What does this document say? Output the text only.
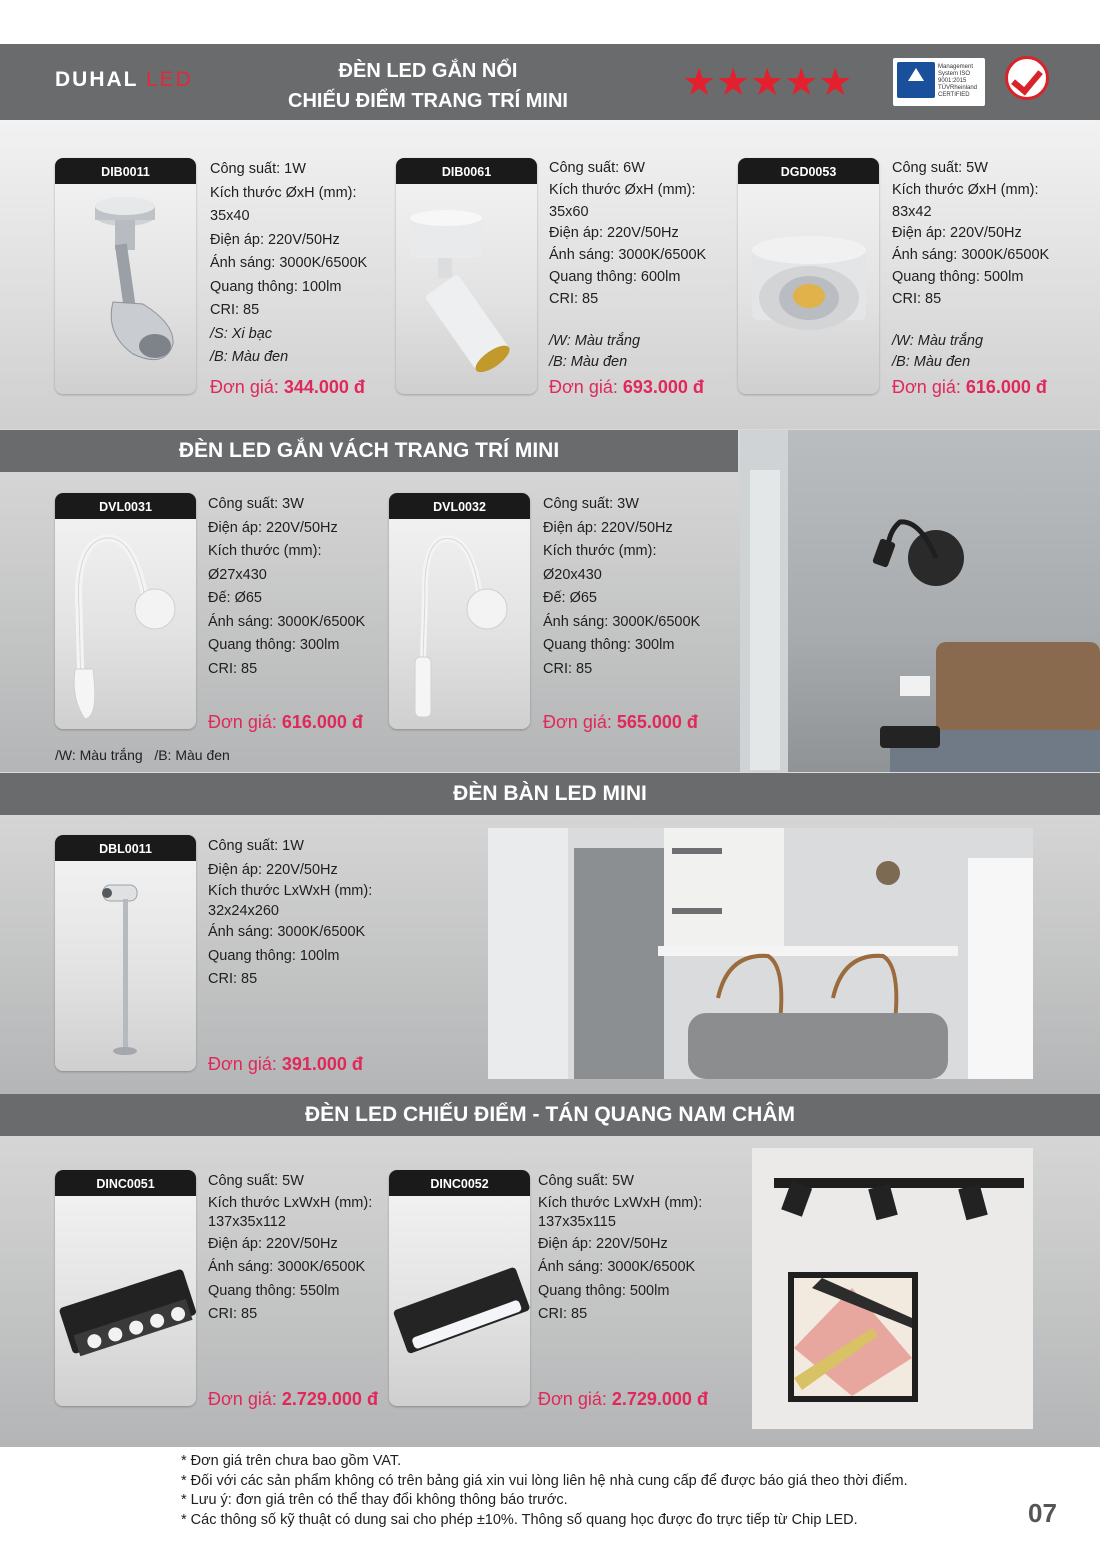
DUHAL LED	ĐÈN LED GẮN NỔI
CHIẾU ĐIỂM TRANG TRÍ MINI	★★★★★	Management System ISO 9001:2015
TÜVRheinland
CERTIFIED
DIB0011	Công suất: 1W
Kích thước ØxH (mm):
35x40
Điện áp: 220V/50Hz
Ánh sáng: 3000K/6500K
Quang thông: 100lm
CRI: 85
/S: Xi bạc
/B: Màu đen
Đơn giá: 344.000 đ
DIB0061	Công suất: 6W
Kích thước ØxH (mm):
35x60
Điện áp: 220V/50Hz
Ánh sáng: 3000K/6500K
Quang thông: 600lm
CRI: 85
/W: Màu trắng
/B: Màu đen
Đơn giá: 693.000 đ
DGD0053	Công suất: 5W
Kích thước ØxH (mm):
83x42
Điện áp: 220V/50Hz
Ánh sáng: 3000K/6500K
Quang thông: 500lm
CRI: 85
/W: Màu trắng
/B: Màu đen
Đơn giá: 616.000 đ
ĐÈN LED GẮN VÁCH TRANG TRÍ MINI
DVL0031	Công suất: 3W
Điện áp: 220V/50Hz
Kích thước (mm):
Ø27x430
Đế: Ø65
Ánh sáng: 3000K/6500K
Quang thông: 300lm
CRI: 85
Đơn giá: 616.000 đ
DVL0032	Công suất: 3W
Điện áp: 220V/50Hz
Kích thước (mm):
Ø20x430
Đế: Ø65
Ánh sáng: 3000K/6500K
Quang thông: 300lm
CRI: 85
Đơn giá: 565.000 đ
/W: Màu trắng   /B: Màu đen
ĐÈN BÀN LED MINI
DBL0011	Công suất: 1W
Điện áp: 220V/50Hz
Kích thước LxWxH (mm):
32x24x260
Ánh sáng: 3000K/6500K
Quang thông: 100lm
CRI: 85
Đơn giá: 391.000 đ
ĐÈN LED CHIẾU ĐIỂM - TÁN QUANG NAM CHÂM
DINC0051	Công suất: 5W
Kích thước LxWxH (mm):
137x35x112
Điện áp: 220V/50Hz
Ánh sáng: 3000K/6500K
Quang thông: 550lm
CRI: 85
Đơn giá: 2.729.000 đ
DINC0052	Công suất: 5W
Kích thước LxWxH (mm):
137x35x115
Điện áp: 220V/50Hz
Ánh sáng: 3000K/6500K
Quang thông: 500lm
CRI: 85
Đơn giá: 2.729.000 đ
* Đơn giá trên chưa bao gồm VAT.
* Đối với các sản phẩm không có trên bảng giá xin vui lòng liên hệ nhà cung cấp để được báo giá theo thời điểm.
* Lưu ý: đơn giá trên có thể thay đổi không thông báo trước.
* Các thông số kỹ thuật có dung sai cho phép ±10%. Thông số quang học được đo trực tiếp từ Chip LED.	07
